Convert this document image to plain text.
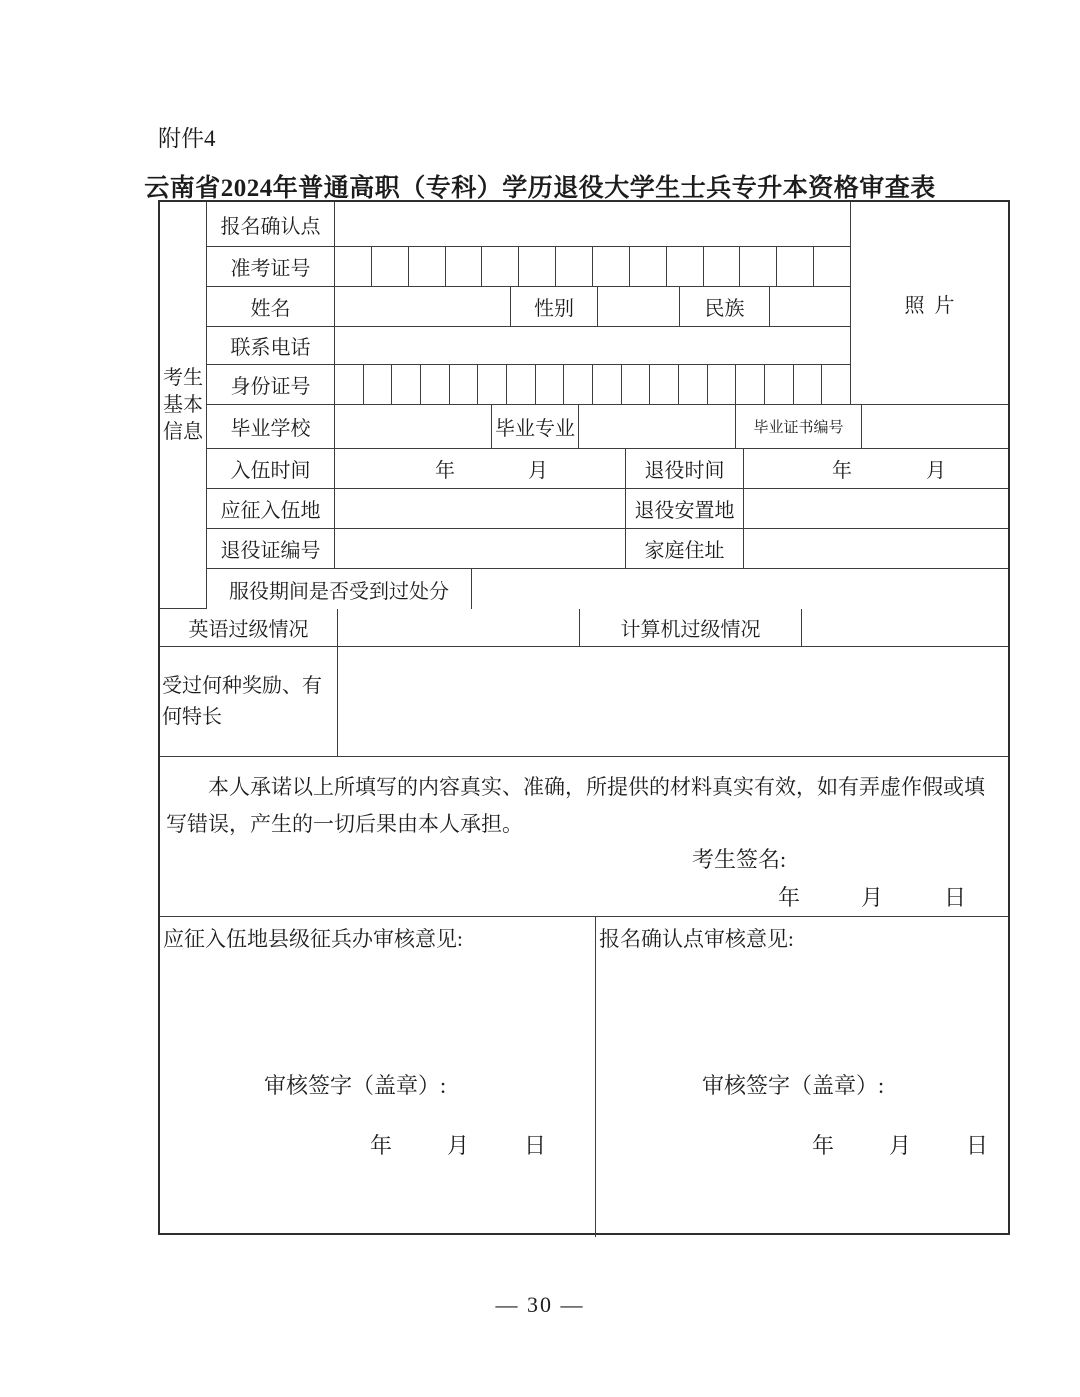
附件4
云南省2024年普通高职（专科）学历退役大学生士兵专升本资格审查表
考生
基本
信息
照片
报名确认点
准考证号
姓名	性别	民族
联系电话
身份证号
毕业学校	毕业专业	毕业证书编号
入伍时间	年	月	退役时间	年	月
应征入伍地	退役安置地
退役证编号	家庭住址
服役期间是否受到过处分
英语过级情况	计算机过级情况
受过何种奖励、有何特长

本人承诺以上所填写的内容真实、准确，所提供的材料真实有效，如有弄虚作假或填写错误，产生的一切后果由本人承担。

考生签名:
年	月	日
应征入伍地县级征兵办审核意见:
审核签字（盖章）:
年	月	日
报名确认点审核意见:
审核签字（盖章）:
年	月	日
— 30 —
